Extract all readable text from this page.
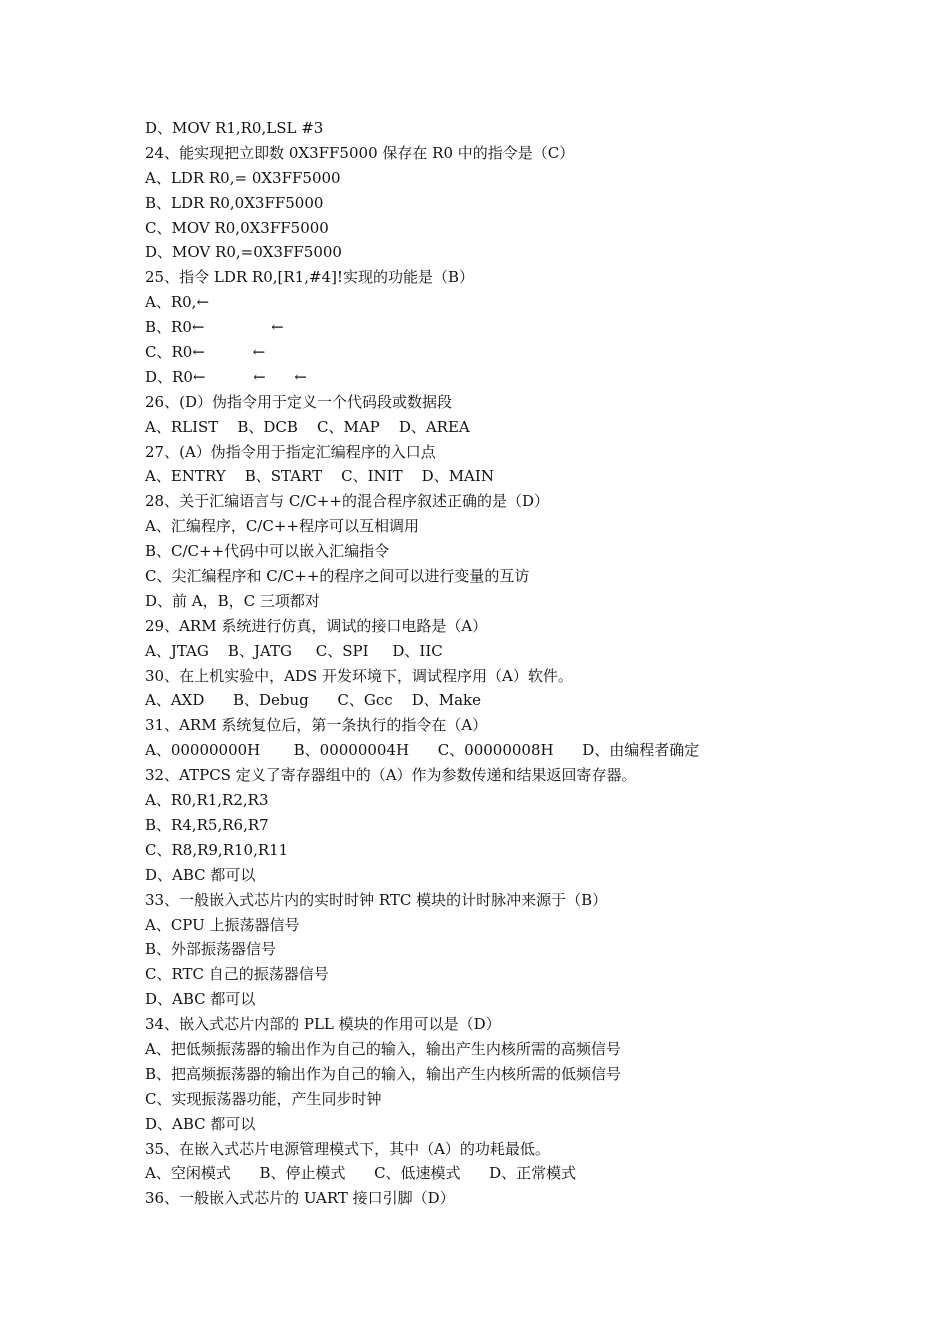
D、MOV R1,R0,LSL #3
24、能实现把立即数 0X3FF5000 保存在 R0 中的指令是（C）
A、LDR R0,= 0X3FF5000
B、LDR R0,0X3FF5000
C、MOV R0,0X3FF5000
D、MOV R0,=0X3FF5000
25、指令 LDR R0,[R1,#4]!实现的功能是（B）
A、R0,←
B、R0←              ←
C、R0←          ←
D、R0←          ←      ←
26、(D）伪指令用于定义一个代码段或数据段
A、RLIST    B、DCB    C、MAP    D、AREA
27、(A）伪指令用于指定汇编程序的入口点
A、ENTRY    B、START    C、INIT    D、MAIN
28、关于汇编语言与 C/C++的混合程序叙述正确的是（D）
A、汇编程序，C/C++程序可以互相调用
B、C/C++代码中可以嵌入汇编指令
C、尖汇编程序和 C/C++的程序之间可以进行变量的互访
D、前 A，B，C 三项都对
29、ARM 系统进行仿真，调试的接口电路是（A）
A、JTAG    B、JATG     C、SPI     D、IIC
30、在上机实验中，ADS 开发环境下，调试程序用（A）软件。
A、AXD      B、Debug      C、Gcc    D、Make
31、ARM 系统复位后，第一条执行的指令在（A）
A、00000000H       B、00000004H      C、00000008H      D、由编程者确定
32、ATPCS 定义了寄存器组中的（A）作为参数传递和结果返回寄存器。
A、R0,R1,R2,R3
B、R4,R5,R6,R7
C、R8,R9,R10,R11
D、ABC 都可以
33、一般嵌入式芯片内的实时时钟 RTC 模块的计时脉冲来源于（B）
A、CPU 上振荡器信号
B、外部振荡器信号
C、RTC 自己的振荡器信号
D、ABC 都可以
34、嵌入式芯片内部的 PLL 模块的作用可以是（D）
A、把低频振荡器的输出作为自己的输入，输出产生内核所需的高频信号
B、把高频振荡器的输出作为自己的输入，输出产生内核所需的低频信号
C、实现振荡器功能，产生同步时钟
D、ABC 都可以
35、在嵌入式芯片电源管理模式下，其中（A）的功耗最低。
A、空闲模式      B、停止模式      C、低速模式      D、正常模式
36、一般嵌入式芯片的 UART 接口引脚（D）
